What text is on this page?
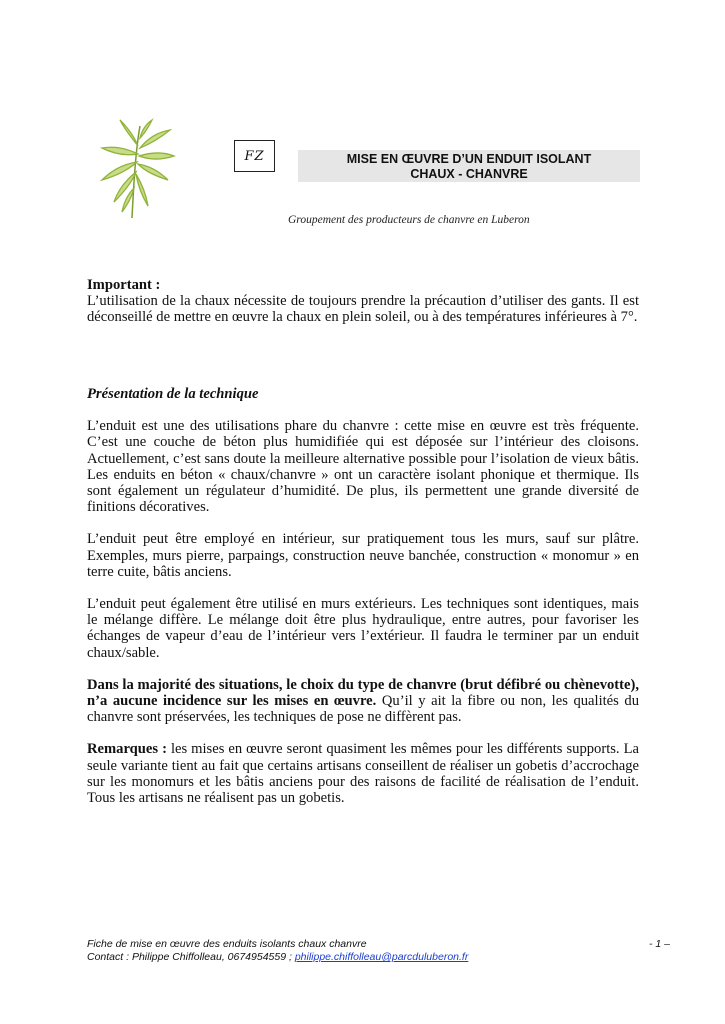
FZ	MISE EN ŒUVRE D’UN ENDUIT ISOLANT
CHAUX - CHANVRE
Groupement des producteurs de chanvre en Luberon

Important :

L’utilisation de la chaux nécessite de toujours prendre la précaution d’utiliser des gants. Il est déconseillé de mettre en œuvre la chaux en plein soleil, ou à des températures inférieures à 7°.

Présentation de la technique

L’enduit est une des utilisations phare du chanvre : cette mise en œuvre est très fréquente. C’est une couche de béton plus humidifiée qui est déposée sur l’intérieur des cloisons. Actuellement, c’est sans doute la meilleure alternative possible pour l’isolation de vieux bâtis. Les enduits en béton « chaux/chanvre » ont un caractère isolant phonique et thermique. Ils sont également un régulateur d’humidité. De plus, ils permettent une grande diversité de finitions décoratives.

L’enduit peut être employé en intérieur, sur pratiquement tous les murs, sauf sur plâtre. Exemples, murs pierre, parpaings, construction neuve banchée, construction « monomur » en terre cuite, bâtis anciens.

L’enduit peut également être utilisé en murs extérieurs. Les techniques sont identiques, mais le mélange diffère. Le mélange doit être plus hydraulique, entre autres, pour favoriser les échanges de vapeur d’eau de l’intérieur vers l’extérieur. Il faudra le terminer par un enduit chaux/sable.

Dans la majorité des situations, le choix du type de chanvre (brut défibré ou chènevotte), n’a aucune incidence sur les mises en œuvre. Qu’il y ait la fibre ou non, les qualités du chanvre sont préservées, les techniques de pose ne diffèrent pas.

Remarques : les mises en œuvre seront quasiment les mêmes pour les différents supports. La seule variante tient au fait que certains artisans conseillent de réaliser un gobetis d’accrochage sur les monomurs et les bâtis anciens pour des raisons de facilité de réalisation de l’enduit. Tous les artisans ne réalisent pas un gobetis.

Fiche de mise en œuvre des enduits isolants chaux chanvre	- 1 –
Contact : Philippe Chiffolleau, 0674954559 ; philippe.chiffolleau@parcduluberon.fr
